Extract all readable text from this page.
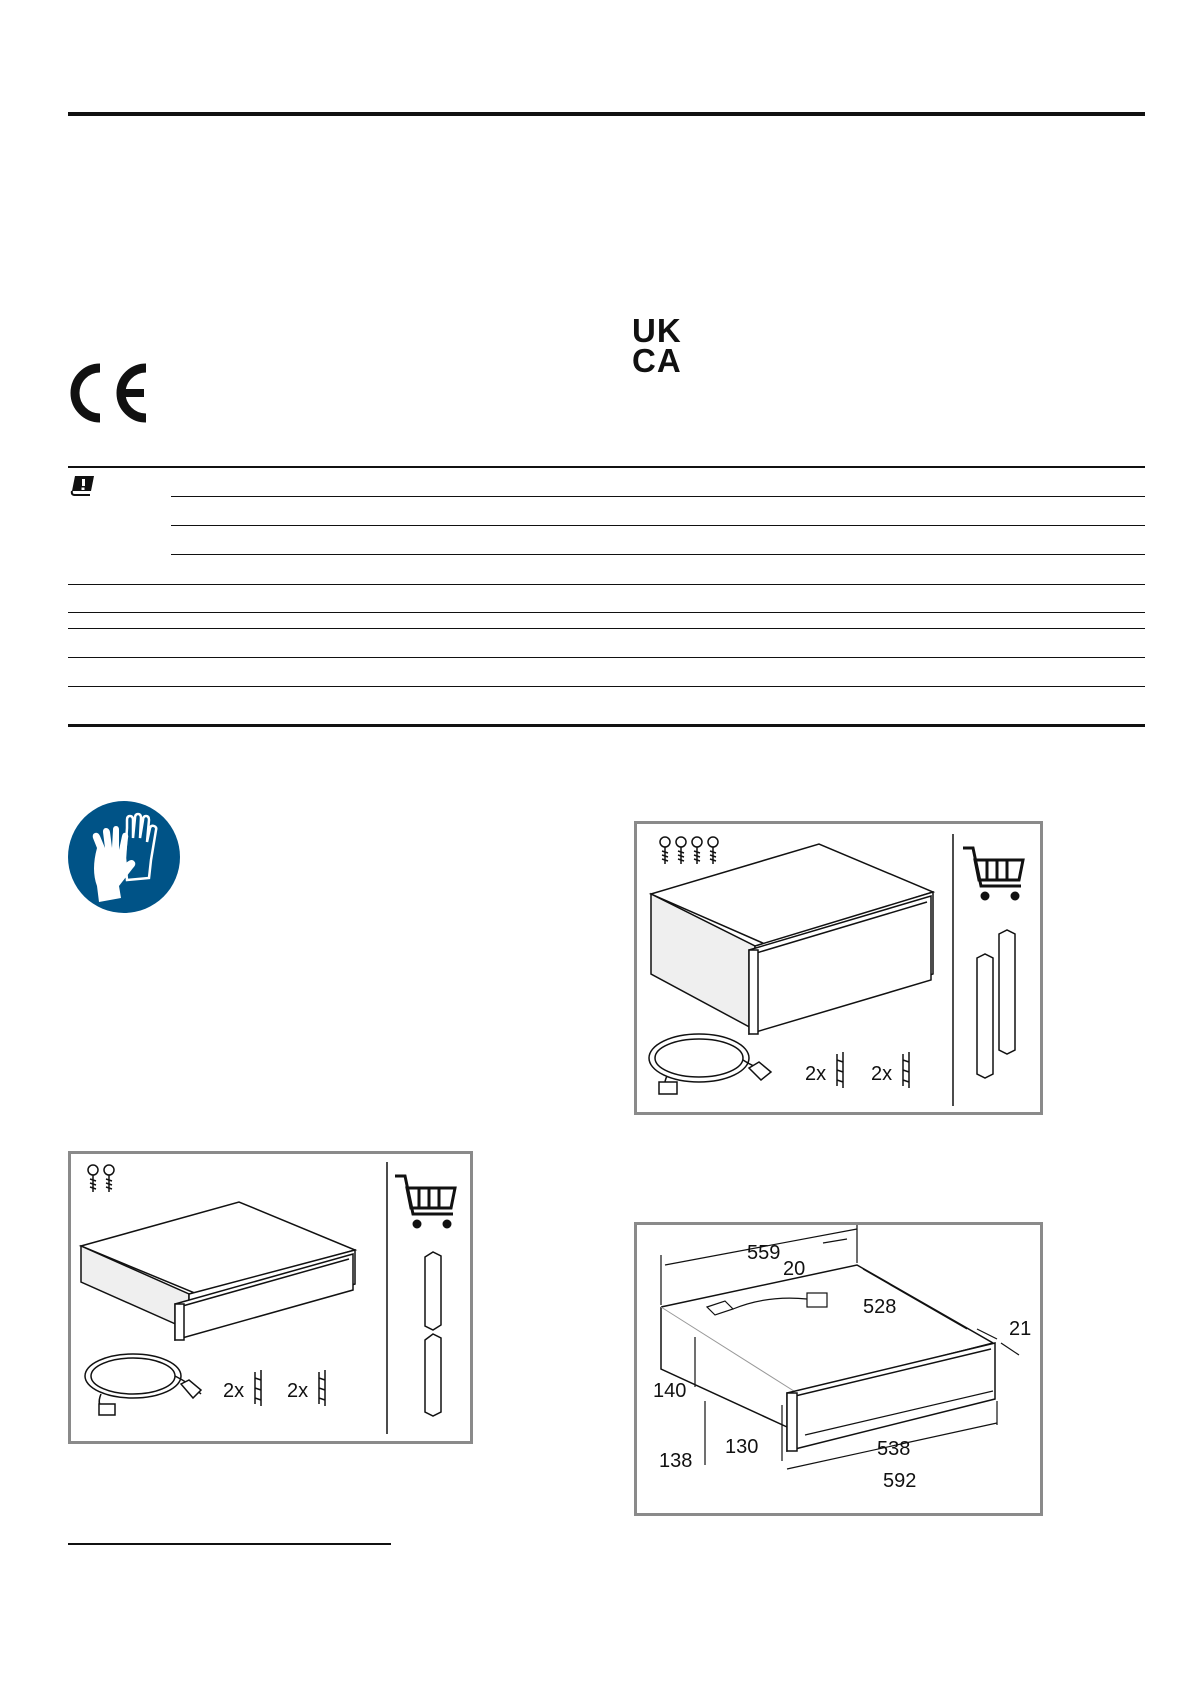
CE
UK
CA
2x 2x
2x 2x
559
20
528
21
140
130
138
538
592
